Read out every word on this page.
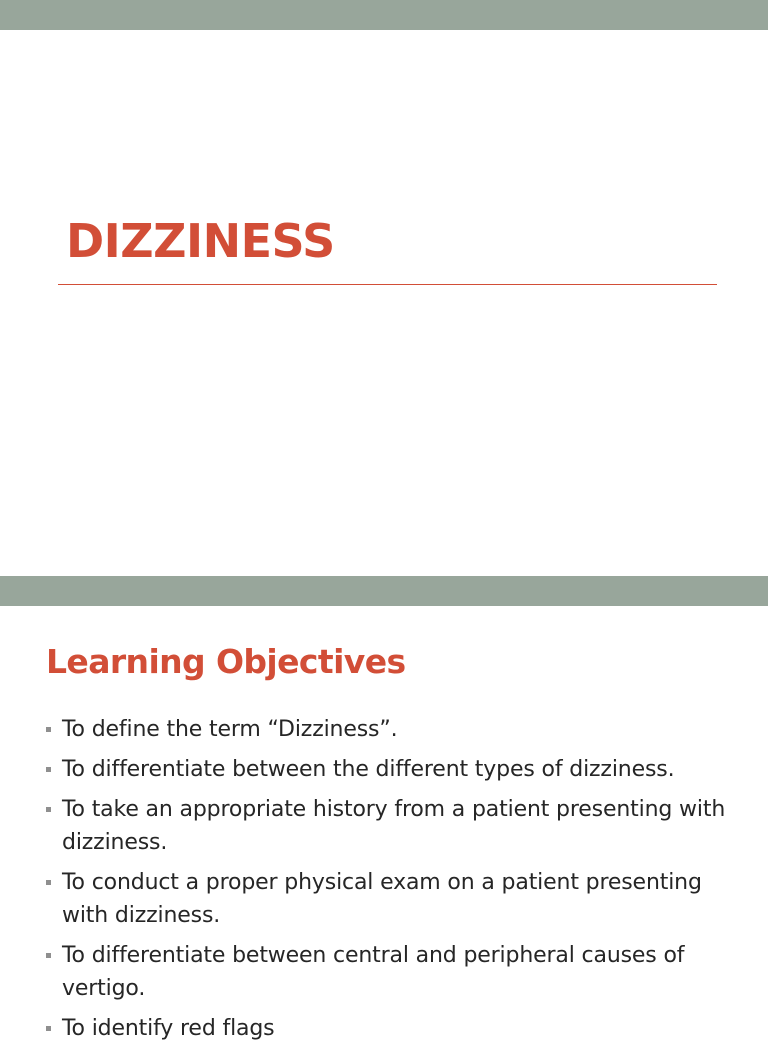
DIZZINESS
Learning Objectives
To define the term “Dizziness”.
To differentiate between the different types of dizziness.
To take an appropriate history from a patient presenting with dizziness.
To conduct a proper physical exam on a patient presenting with dizziness.
To differentiate between central and peripheral causes of vertigo.
To identify red flags
